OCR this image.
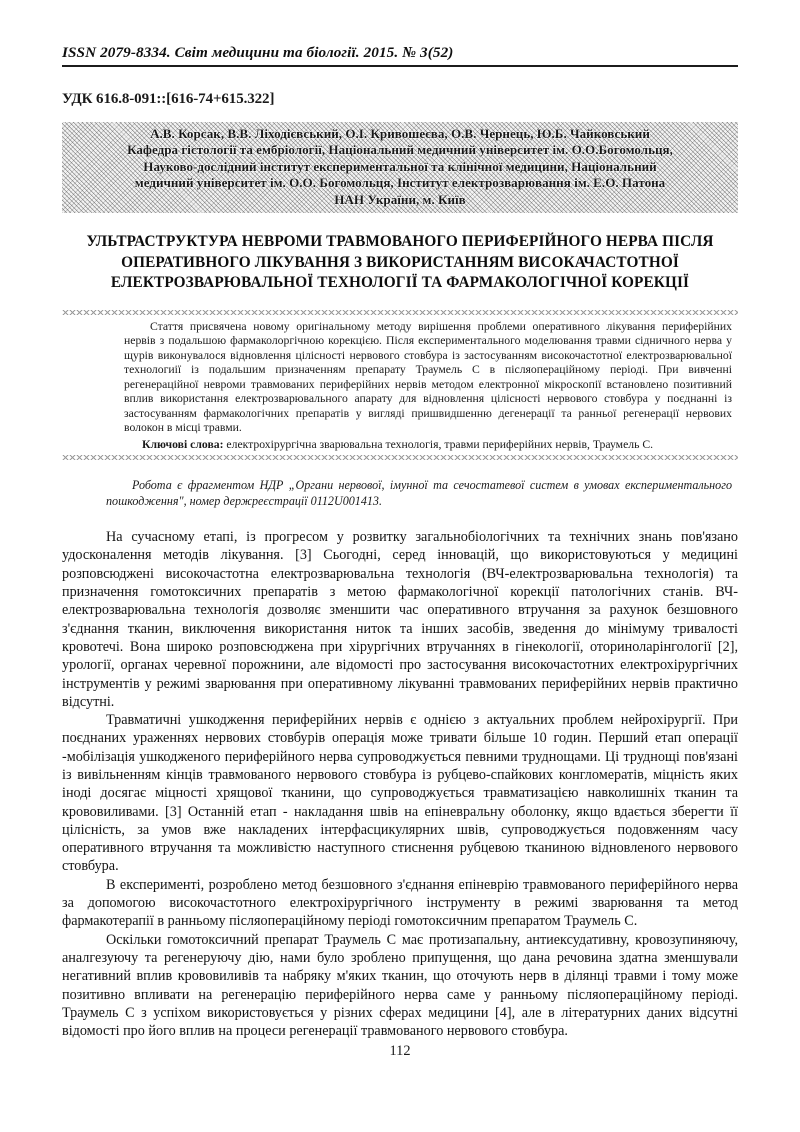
ISSN 2079-8334. Світ медицини та біології. 2015. № 3(52)
УДК 616.8-091::[616-74+615.322]
А.В. Корсак, В.В. Ліходієвський, О.І. Кривошеєва, О.В. Чернець, Ю.Б. Чайковський
Кафедра гістології та ембріології, Національний медичний університет ім. О.О.Богомольця,
Науково-дослідний інститут експериментальної та клінічної медицини, Національний
медичний університет ім. О.О. Богомольця, Інститут електрозварювання ім. Е.О. Патона
НАН України, м. Київ
УЛЬТРАСТРУКТУРА НЕВРОМИ ТРАВМОВАНОГО ПЕРИФЕРІЙНОГО НЕРВА ПІСЛЯ
ОПЕРАТИВНОГО ЛІКУВАННЯ З ВИКОРИСТАННЯМ ВИСОКАЧАСТОТНОЇ
ЕЛЕКТРОЗВАРЮВАЛЬНОЇ ТЕХНОЛОГІЇ ТА ФАРМАКОЛОГІЧНОЇ КОРЕКЦІЇ

Стаття присвячена новому оригінальному методу вирішення проблеми оперативного лікування периферійних нервів з подальшою фармаколоргічною корекцією. Після експериментального моделювання травми сідничного нерва у щурів виконувалося відновлення цілісності нервового стовбура із застосуванням високочастотної електрозварювальної технологиії із подальшим призначенням препарату Траумель С в післяопераційному періоді. При вивченні регенераційної невроми травмованих периферійних нервів методом електронної мікроскопії встановлено позитивний вплив використання електрозварювального апарату для відновлення цілісності нервового стовбура у поєднанні із застосуванням фармакологічних препаратів у вигляді пришвидшенню дегенерації та ранньої регенерації нервових волокон в місці травми.

Ключові слова: електрохірургічна зварювальна технологія, травми периферійних нервів, Траумель С.

Робота є фрагментом НДР „Органи нервової, імунної та сечостатевої систем в умовах експериментального пошкодження", номер держреєстрації 0112U001413.

На сучасному етапі, із прогресом у розвитку загальнобіологічних та технічних знань пов'язано удосконалення методів лікування. [3] Сьогодні, серед інновацій, що використовуються у медицині розповсюджені високочастотна електрозварювальна технологія (ВЧ-електрозварювальна технологія) та призначення гомотоксичних препаратів з метою фармакологічної корекції патологічних станів. ВЧ-електрозварювальна технологія дозволяє зменшити час оперативного втручання за рахунок безшовного з'єднання тканин, виключення використання ниток та інших засобів, зведення до мінімуму тривалості кровотечі. Вона широко розповсюджена при хірургічних втручаннях в гінекології, оториноларінгології [2], урології, органах черевної порожнини, але відомості про застосування високочастотних електрохірургічних інструментів у режимі зварювання при оперативному лікуванні травмованих периферійних нервів практично відсутні.

Травматичні ушкодження периферійних нервів є однією з актуальних проблем нейрохірургії. При поєднаних ураженнях нервових стовбурів операція може тривати більше 10 годин. Перший етап операції -мобілізація ушкодженого периферійного нерва супроводжується певними труднощами. Ці труднощі пов'язані із вивільненням кінців травмованого нервового стовбура із рубцево-спайкових конгломератів, міцність яких іноді досягає міцності хрящової тканини, що супроводжується травматизацією навколишніх тканин та крововиливами. [3] Останній етап - накладання швів на епіневральну оболонку, якщо вдається зберегти її цілісність, за умов вже накладених інтерфасцикулярних швів, супроводжується подовженням часу оперативного втручання та можливістю наступного стиснення рубцевою тканиною відновленого нервового стовбура.

В експерименті, розроблено метод безшовного з'єднання епіневрію травмованого периферійного нерва за допомогою високочастотного електрохірургічного інструменту в режимі зварювання та метод фармакотерапії в ранньому післяопераційному періоді гомотоксичним препаратом Траумель С.

Оскільки гомотоксичний препарат Траумель С має протизапальну, антиексудативну, кровозупиняючу, аналгезуючу та регенеруючу дію, нами було зроблено припущення, що дана речовина здатна зменшували негативний вплив крововиливів та набряку м'яких тканин, що оточують нерв в ділянці травми і тому може позитивно впливати на регенерацію периферійного нерва саме у ранньому післяопераційному періоді. Траумель С з успіхом використовується у різних сферах медицини [4], але в літературних даних відсутні відомості про його вплив на процеси регенерації травмованого нервового стовбура.

112
